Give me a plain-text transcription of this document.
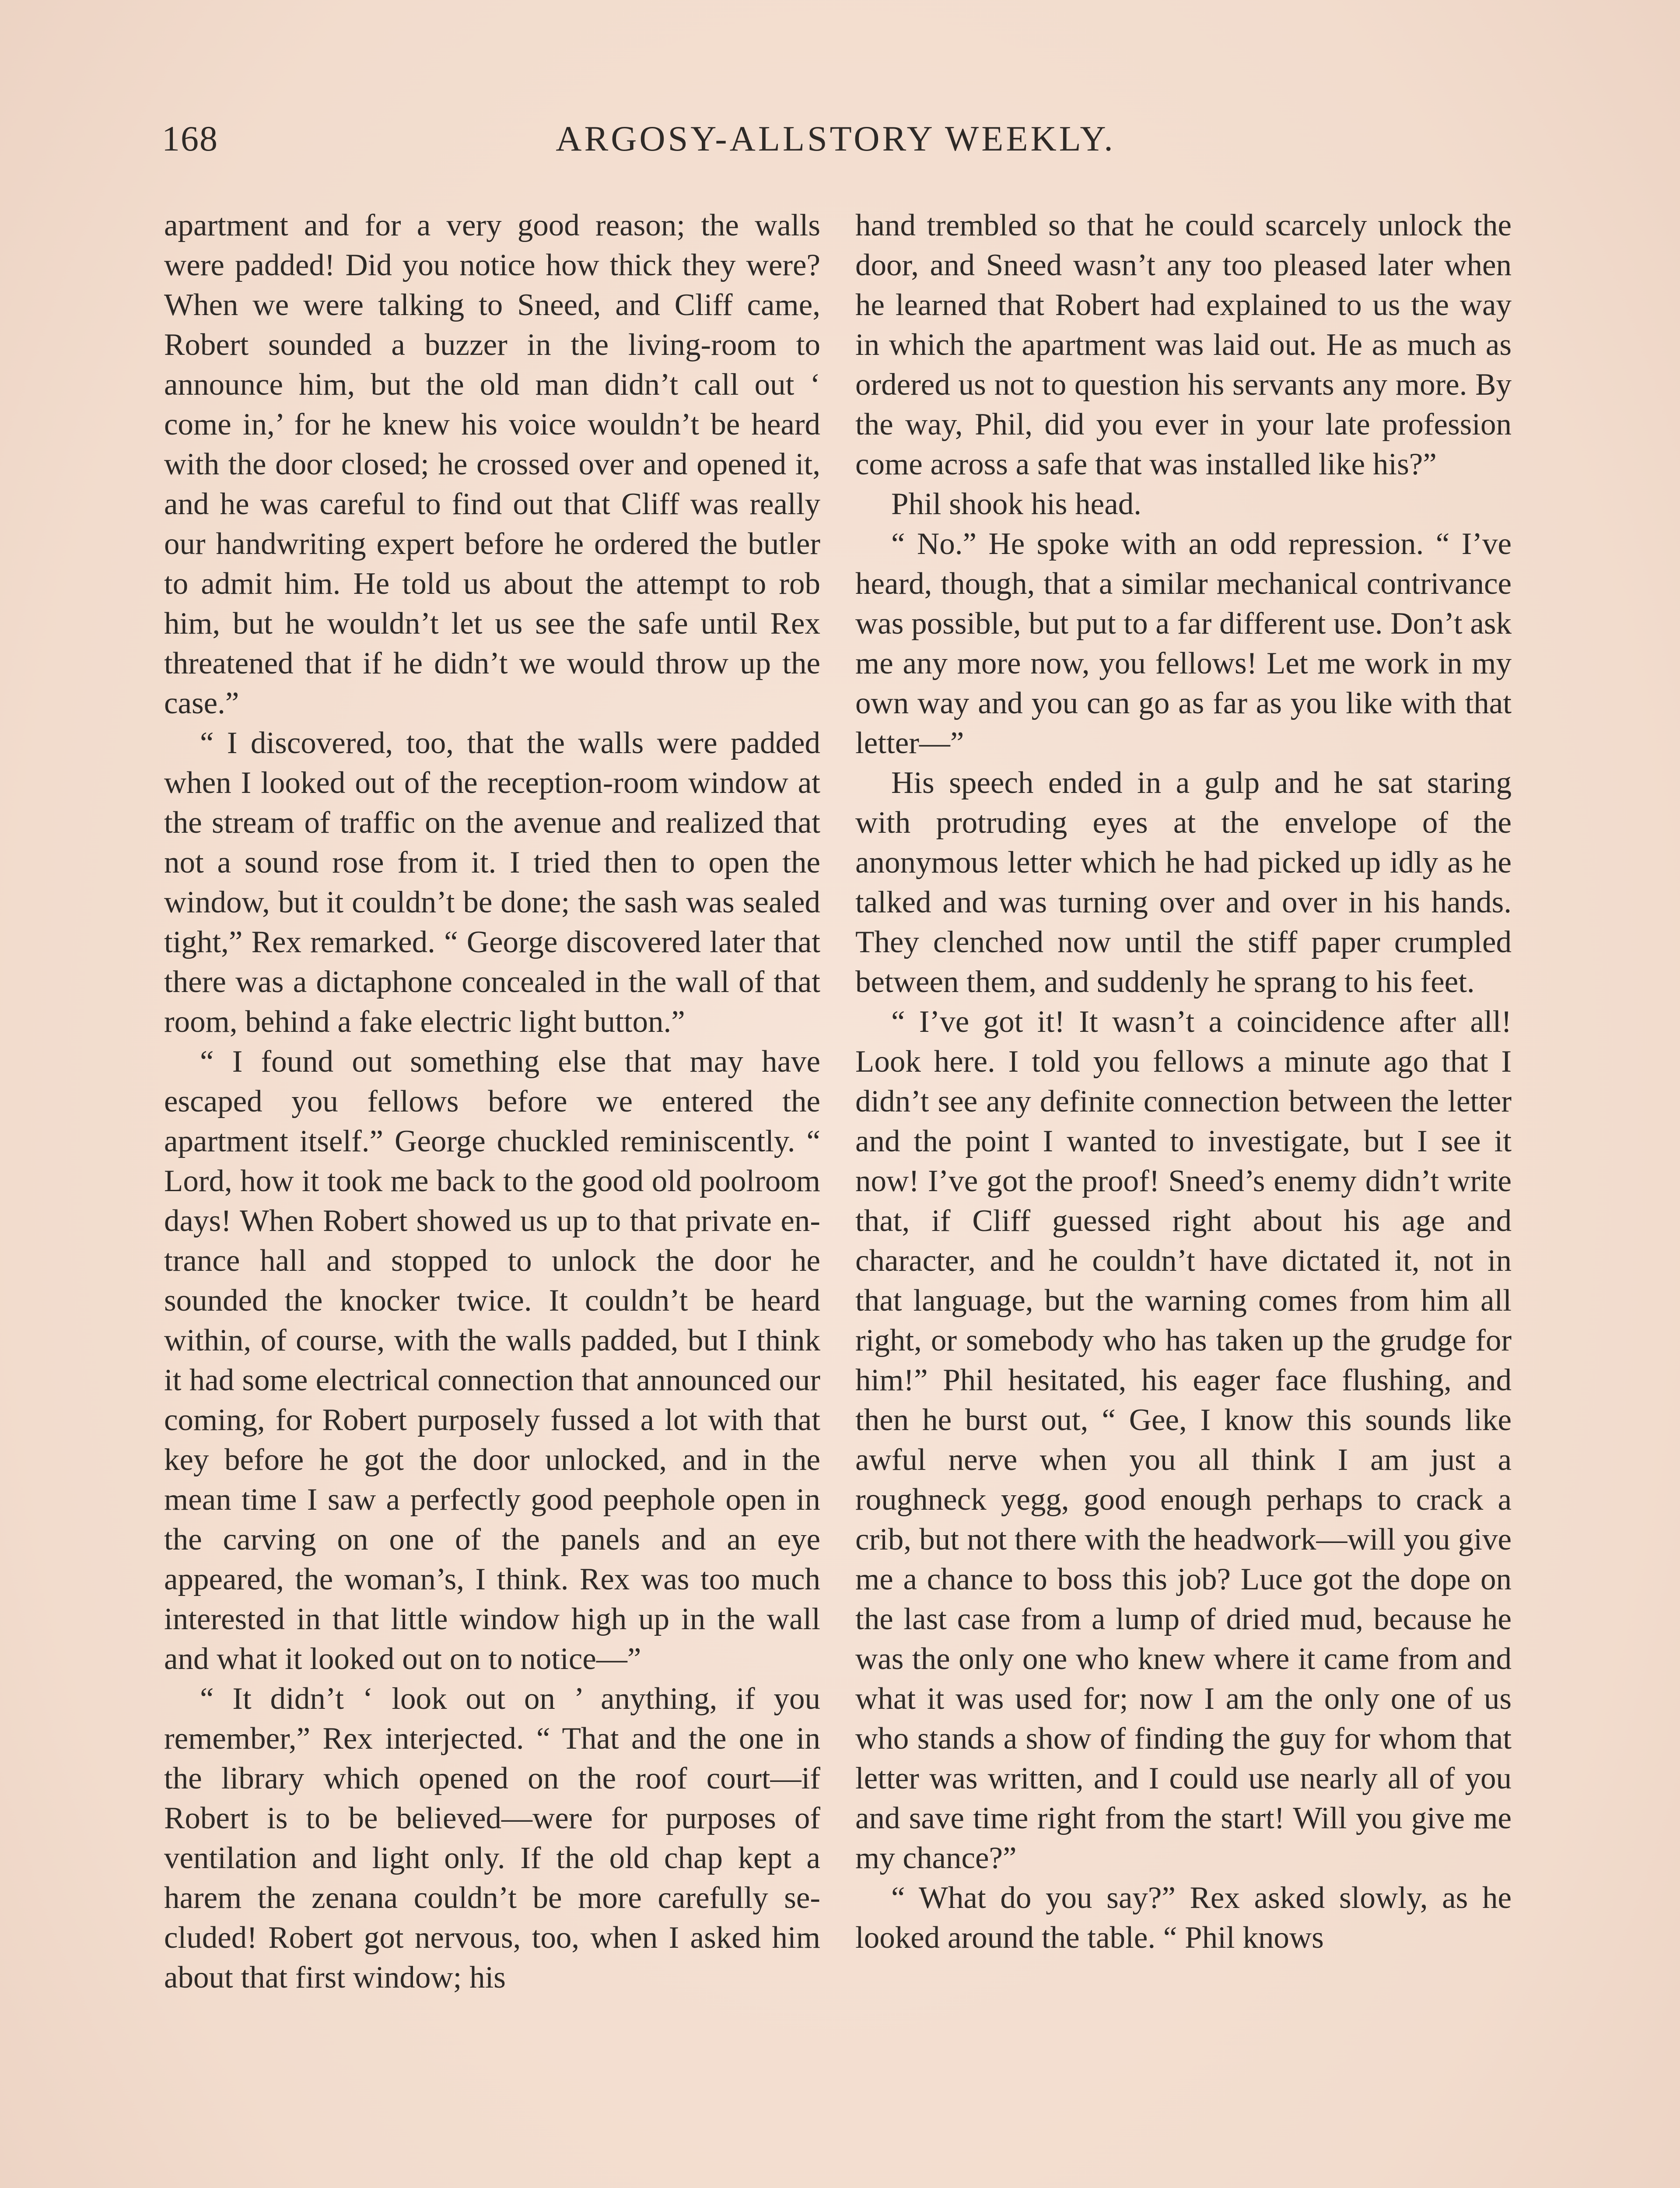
168	ARGOSY-ALLSTORY WEEKLY.

apartment and for a very good reason; the walls were padded! Did you notice how thick they were? When we were talking to Sneed, and Cliff came, Robert sounded a buzzer in the living-room to announce him, but the old man didn’t call out ‘ come in,’ for he knew his voice wouldn’t be heard with the door closed; he crossed over and opened it, and he was careful to find out that Cliff was really our handwriting expert before he ordered the butler to admit him. He told us about the attempt to rob him, but he wouldn’t let us see the safe until Rex threatened that if he didn’t we would throw up the case.”

“ I discovered, too, that the walls were padded when I looked out of the reception-room window at the stream of traffic on the avenue and realized that not a sound rose from it. I tried then to open the window, but it couldn’t be done; the sash was sealed tight,” Rex remarked. “ George discovered later that there was a dictaphone concealed in the wall of that room, behind a fake electric light button.”

“ I found out something else that may have escaped you fellows before we entered the apartment itself.” George chuckled reminiscently. “ Lord, how it took me back to the good old poolroom days! When Robert showed us up to that private entrance hall and stopped to unlock the door he sounded the knocker twice. It couldn’t be heard within, of course, with the walls padded, but I think it had some electrical connection that announced our coming, for Robert purposely fussed a lot with that key before he got the door unlocked, and in the mean time I saw a perfectly good peephole open in the carving on one of the panels and an eye appeared, the woman’s, I think. Rex was too much interested in that little window high up in the wall and what it looked out on to notice—”

“ It didn’t ‘ look out on ’ anything, if you remember,” Rex interjected. “ That and the one in the library which opened on the roof court—if Robert is to be believed—were for purposes of ventilation and light only. If the old chap kept a harem the zenana couldn’t be more carefully secluded! Robert got nervous, too, when I asked him about that first window; his

hand trembled so that he could scarcely unlock the door, and Sneed wasn’t any too pleased later when he learned that Robert had explained to us the way in which the apartment was laid out. He as much as ordered us not to question his servants any more. By the way, Phil, did you ever in your late profession come across a safe that was installed like his?”

Phil shook his head.

“ No.” He spoke with an odd repression. “ I’ve heard, though, that a similar mechanical contrivance was possible, but put to a far different use. Don’t ask me any more now, you fellows! Let me work in my own way and you can go as far as you like with that letter—”

His speech ended in a gulp and he sat staring with protruding eyes at the envelope of the anonymous letter which he had picked up idly as he talked and was turning over and over in his hands. They clenched now until the stiff paper crumpled between them, and suddenly he sprang to his feet.

“ I’ve got it! It wasn’t a coincidence after all! Look here. I told you fellows a minute ago that I didn’t see any definite connection between the letter and the point I wanted to investigate, but I see it now! I’ve got the proof! Sneed’s enemy didn’t write that, if Cliff guessed right about his age and character, and he couldn’t have dictated it, not in that language, but the warning comes from him all right, or somebody who has taken up the grudge for him!” Phil hesitated, his eager face flushing, and then he burst out, “ Gee, I know this sounds like awful nerve when you all think I am just a roughneck yegg, good enough perhaps to crack a crib, but not there with the headwork—will you give me a chance to boss this job? Luce got the dope on the last case from a lump of dried mud, because he was the only one who knew where it came from and what it was used for; now I am the only one of us who stands a show of finding the guy for whom that letter was written, and I could use nearly all of you and save time right from the start! Will you give me my chance?”

“ What do you say?” Rex asked slowly, as he looked around the table. “ Phil knows
